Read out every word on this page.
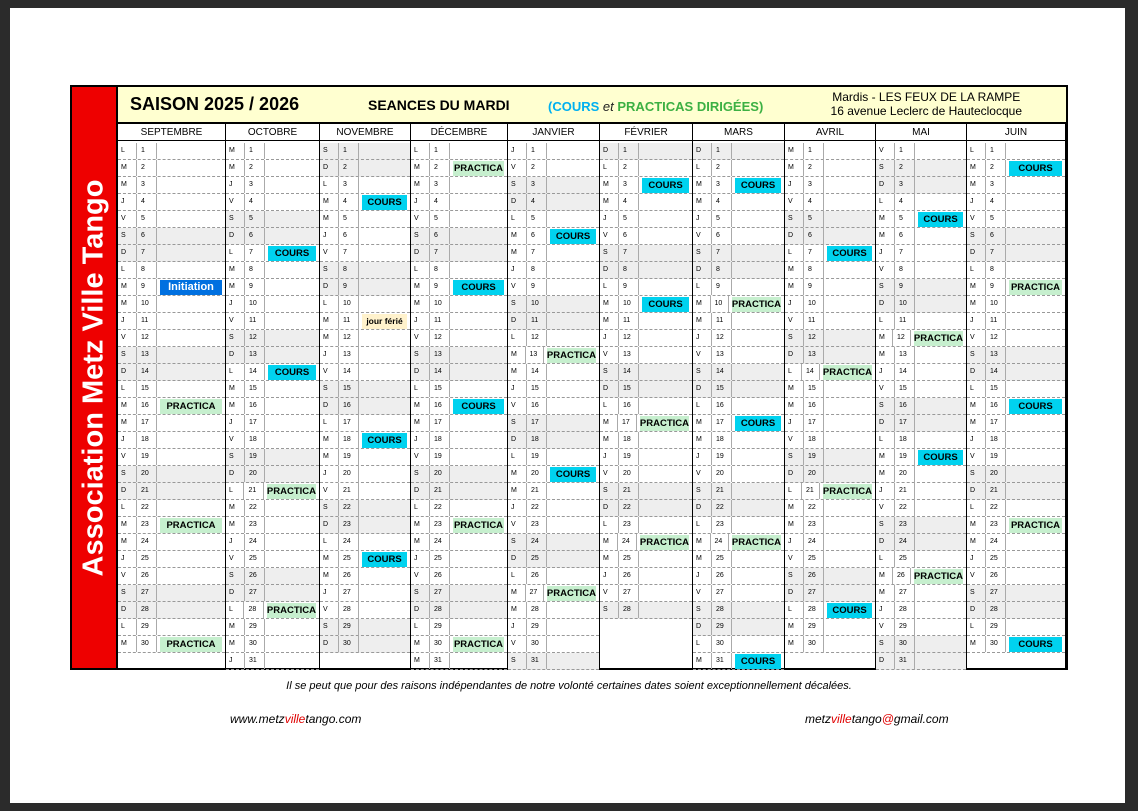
Association Metz Ville Tango
SAISON 2025 / 2026	SEANCES DU MARDI	(COURS et PRACTICAS DIRIGÉES)
Mardis - LES FEUX DE LA RAMPE
16 avenue Leclerc de Hauteclocque
SEPTEMBRE
L	1
M	2
M	3
J	4
V	5
S	6
D	7
L	8
M	9	Initiation
M	10
J	11
V	12
S	13
D	14
L	15
M	16	PRACTICA
M	17
J	18
V	19
S	20
D	21
L	22
M	23	PRACTICA
M	24
J	25
V	26
S	27
D	28
L	29
M	30	PRACTICA
OCTOBRE
M	1
M	2
J	3
V	4
S	5
D	6
L	7	COURS
M	8
M	9
J	10
V	11
S	12
D	13
L	14	COURS
M	15
M	16
J	17
V	18
S	19
D	20
L	21	PRACTICA
M	22
M	23
J	24
V	25
S	26
D	27
L	28	PRACTICA
M	29
M	30
J	31
NOVEMBRE
S	1
D	2
L	3
M	4	COURS
M	5
J	6
V	7
S	8
D	9
L	10
M	11	jour férié
M	12
J	13
V	14
S	15
D	16
L	17
M	18	COURS
M	19
J	20
V	21
S	22
D	23
L	24
M	25	COURS
M	26
J	27
V	28
S	29
D	30
DÉCEMBRE
L	1
M	2	PRACTICA
M	3
J	4
V	5
S	6
D	7
L	8
M	9	COURS
M	10
J	11
V	12
S	13
D	14
L	15
M	16	COURS
M	17
J	18
V	19
S	20
D	21
L	22
M	23	PRACTICA
M	24
J	25
V	26
S	27
D	28
L	29
M	30	PRACTICA
M	31
JANVIER
J	1
V	2
S	3
D	4
L	5
M	6	COURS
M	7
J	8
V	9
S	10
D	11
L	12
M	13	PRACTICA
M	14
J	15
V	16
S	17
D	18
L	19
M	20	COURS
M	21
J	22
V	23
S	24
D	25
L	26
M	27	PRACTICA
M	28
J	29
V	30
S	31
FÉVRIER
D	1
L	2
M	3	COURS
M	4
J	5
V	6
S	7
D	8
L	9
M	10	COURS
M	11
J	12
V	13
S	14
D	15
L	16
M	17	PRACTICA
M	18
J	19
V	20
S	21
D	22
L	23
M	24	PRACTICA
M	25
J	26
V	27
S	28
MARS
D	1
L	2
M	3	COURS
M	4
J	5
V	6
S	7
D	8
L	9
M	10	PRACTICA
M	11
J	12
V	13
S	14
D	15
L	16
M	17	COURS
M	18
J	19
V	20
S	21
D	22
L	23
M	24	PRACTICA
M	25
J	26
V	27
S	28
D	29
L	30
M	31	COURS
AVRIL
M	1
M	2
J	3
V	4
S	5
D	6
L	7	COURS
M	8
M	9
J	10
V	11
S	12
D	13
L	14 PRACTICA
M	15
M	16
J	17
V	18
S	19
D	20
L	21 PRACTICA
M	22
M	23
J	24
V	25
S	26
D	27
L	28	COURS
M	29
M	30
MAI
V	1
S	2
D	3
L	4
M	5	COURS
M	6
J	7
V	8
S	9
D	10
L	11
M	12 PRACTICA
M	13
J	14
V	15
S	16
D	17
L	18
M	19	COURS
M	20
J	21
V	22
S	23
D	24
L	25
M	26 PRACTICA
M	27
J	28
V	29
S	30
D	31
JUIN
L	1
M	2	COURS
M	3
J	4
V	5
S	6
D	7
L	8
M	9	PRACTICA
M	10
J	11
V	12
S	13
D	14
L	15
M	16	COURS
M	17
J	18
V	19
S	20
D	21
L	22
M	23	PRACTICA
M	24
J	25
V	26
S	27
D	28
L	29
M	30	COURS
Il se peut que pour des raisons indépendantes de notre volonté certaines dates soient exceptionnellement décalées.
www.metzvilletango.com	metzvilletango@gmail.com
